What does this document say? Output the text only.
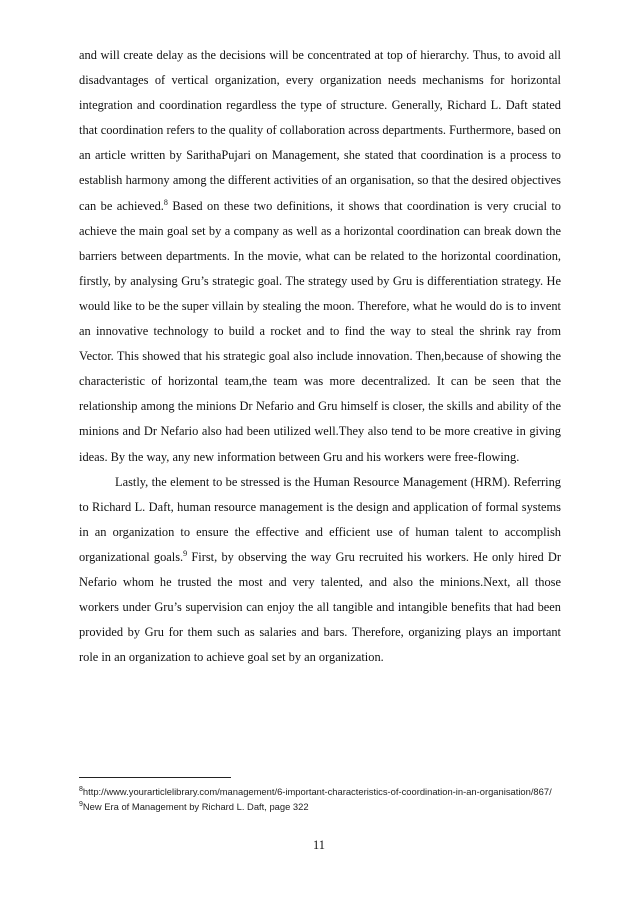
and will create delay as the decisions will be concentrated at top of hierarchy. Thus, to avoid all disadvantages of vertical organization, every organization needs mechanisms for horizontal integration and coordination regardless the type of structure. Generally, Richard L. Daft stated that coordination refers to the quality of collaboration across departments. Furthermore, based on an article written by SarithaPujari on Management, she stated that coordination is a process to establish harmony among the different activities of an organisation, so that the desired objectives can be achieved.$^8$ Based on these two definitions, it shows that coordination is very crucial to achieve the main goal set by a company as well as a horizontal coordination can break down the barriers between departments. In the movie, what can be related to the horizontal coordination, firstly, by analysing Gru’s strategic goal. The strategy used by Gru is differentiation strategy. He would like to be the super villain by stealing the moon. Therefore, what he would do is to invent an innovative technology to build a rocket and to find the way to steal the shrink ray from Vector. This showed that his strategic goal also include innovation. Then,because of showing the characteristic of horizontal team,the team was more decentralized. It can be seen that the relationship among the minions Dr Nefario and Gru himself is closer, the skills and ability of the minions and Dr Nefario also had been utilized well.They also tend to be more creative in giving ideas. By the way, any new information between Gru and his workers were free-flowing.

Lastly, the element to be stressed is the Human Resource Management (HRM). Referring to Richard L. Daft, human resource management is the design and application of formal systems in an organization to ensure the effective and efficient use of human talent to accomplish organizational goals.$^9$ First, by observing the way Gru recruited his workers. He only hired Dr Nefario whom he trusted the most and very talented, and also the minions.Next, all those workers under Gru’s supervision can enjoy the all tangible and intangible benefits that had been provided by Gru for them such as salaries and bars. Therefore, organizing plays an important role in an organization to achieve goal set by an organization.

$^8$http://www.yourarticlelibrary.com/management/6-important-characteristics-of-coordination-in-an-organisation/867/

$^9$New Era of Management by Richard L. Daft, page 322

11
